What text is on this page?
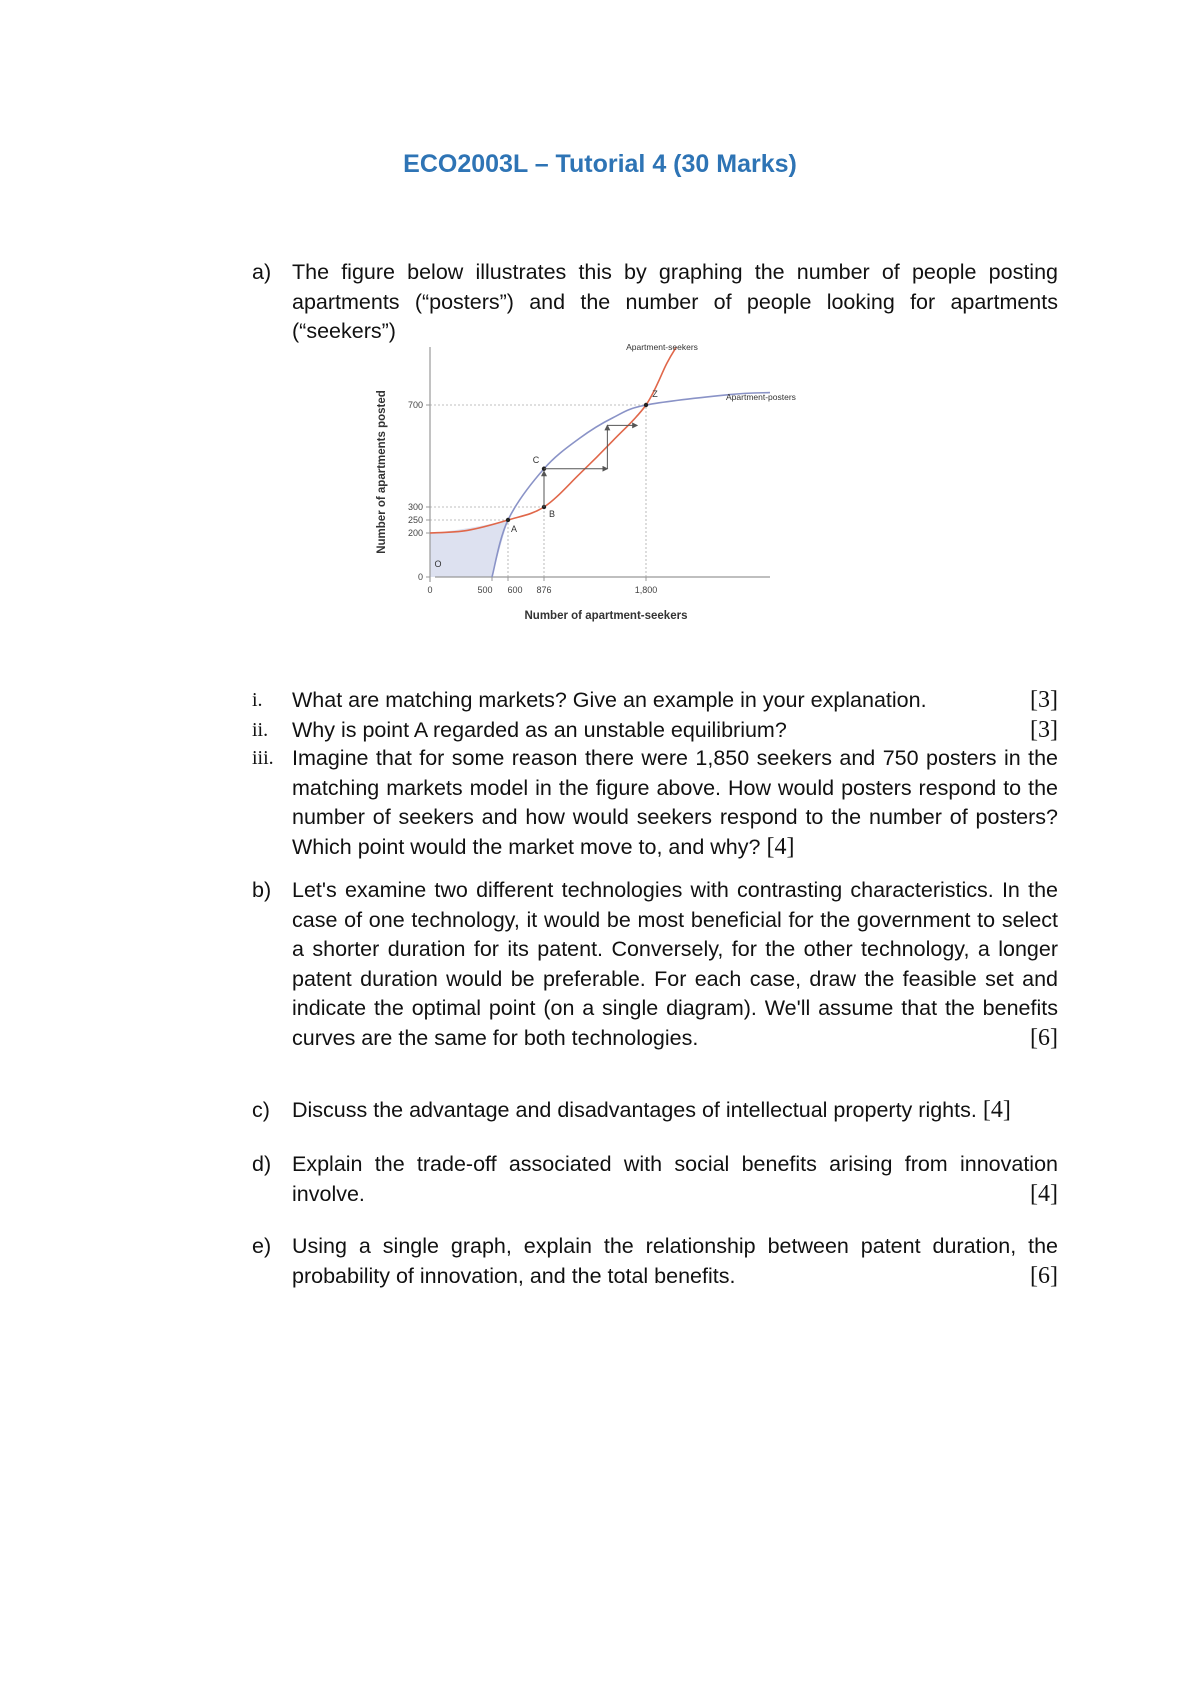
ECO2003L – Tutorial 4 (30 Marks)
a) The figure below illustrates this by graphing the number of people posting apartments (“posters”) and the number of people looking for apartments (“seekers”)
Apartment-seekers
Apartment-posters
0	500 600 876	1,800
0
200
250
300
700
O
A
B
C
Z
Number of apartment-seekers
Number of apartments posted
i.	[3]
What are matching markets? Give an example in your explanation.
ii.	[3]
Why is point A regarded as an unstable equilibrium?
iii. Imagine that for some reason there were 1,850 seekers and 750 posters in the matching markets model in the figure above. How would posters respond to the number of seekers and how would seekers respond to the number of posters? Which point would the market move to, and why? [4]
b) Let's examine two different technologies with contrasting characteristics. In the case of one technology, it would be most beneficial for the government to select a shorter duration for its patent. Conversely, for the other technology, a longer patent duration would be preferable. For each case, draw the feasible set and indicate the optimal point (on a single diagram). We'll assume that the benefits curves are the same for both technologies.	[6]
c) Discuss the advantage and disadvantages of intellectual property rights. [4]
d) Explain the trade-off associated with social benefits arising from innovation involve.	[4]
e) Using a single graph, explain the relationship between patent duration, the probability of innovation, and the total benefits.	[6]
